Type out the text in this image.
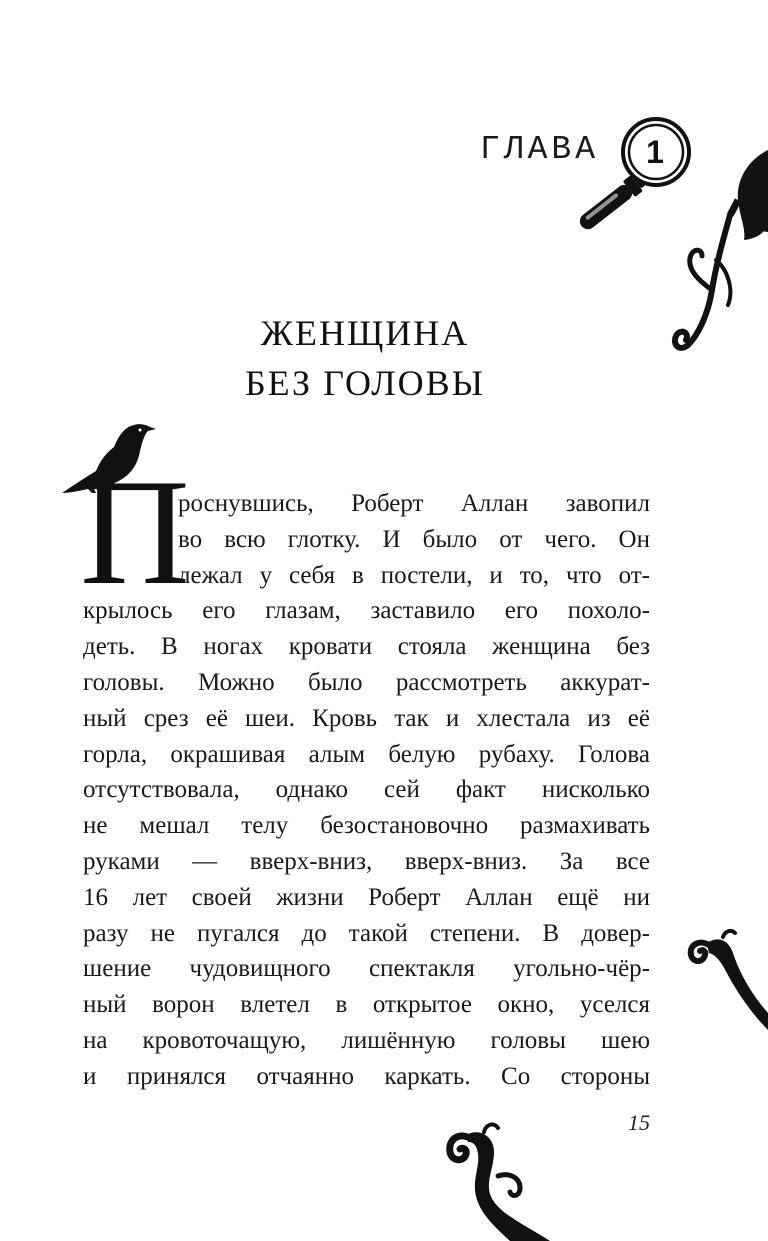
ГЛАВА	1
ЖЕНЩИНА
БЕЗ ГОЛОВЫ
П
роснувшись, Роберт Аллан завопил
во всю глотку. И было от чего. Он
лежал у себя в постели, и то, что от-
крылось его глазам, заставило его похоло-
деть. В ногах кровати стояла женщина без
головы. Можно было рассмотреть аккурат-
ный срез её шеи. Кровь так и хлестала из её
горла, окрашивая алым белую рубаху. Голова
отсутствовала, однако сей факт нисколько
не мешал телу безостановочно размахивать
руками — вверх-вниз, вверх-вниз. За все
16 лет своей жизни Роберт Аллан ещё ни
разу не пугался до такой степени. В довер-
шение чудовищного спектакля угольно-чёр-
ный ворон влетел в открытое окно, уселся
на кровоточащую, лишённую головы шею
и принялся отчаянно каркать. Со стороны
15
